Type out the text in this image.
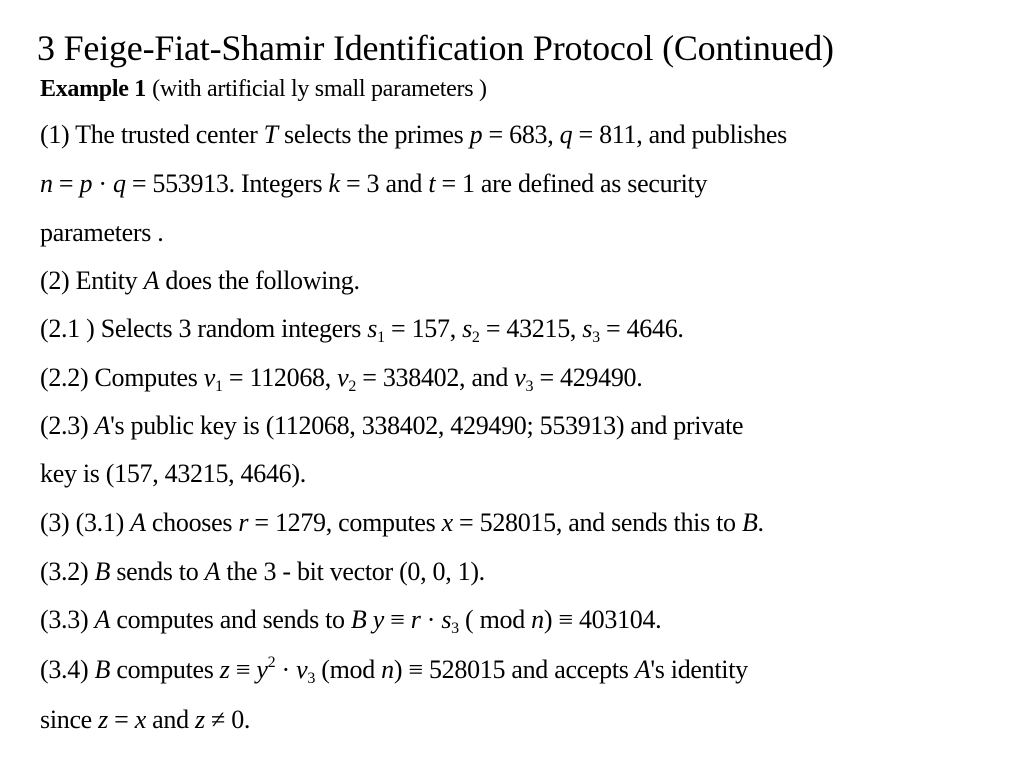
3 Feige-Fiat-Shamir Identification Protocol (Continued)
Example 1 (with artificial ly small parameters )
(1) The trusted center T selects the primes p = 683, q = 811, and publishes
n = p · q = 553913. Integers k = 3 and t = 1 are defined as security
parameters .
(2) Entity A does the following.
(2.1 ) Selects 3 random integers $s_1 = 157$, $s_2 = 43215$, $s_3 = 4646$.
(2.2) Computes $v_1 = 112068$, $v_2 = 338402$, and $v_3 = 429490$.
(2.3) A's public key is (112068, 338402, 429490; 553913) and private
key is (157, 43215, 4646).
(3) (3.1) A chooses r = 1279, computes x = 528015, and sends this to B.
(3.2) B sends to A the 3 - bit vector (0, 0, 1).
(3.3) A computes and sends to B $y \equiv r \cdot s_3$ ( mod n) ≡ 403104.
(3.4) B computes $z \equiv y^2 \cdot v_3$ (mod n) ≡ 528015 and accepts A's identity
since z = x and z ≠ 0.
